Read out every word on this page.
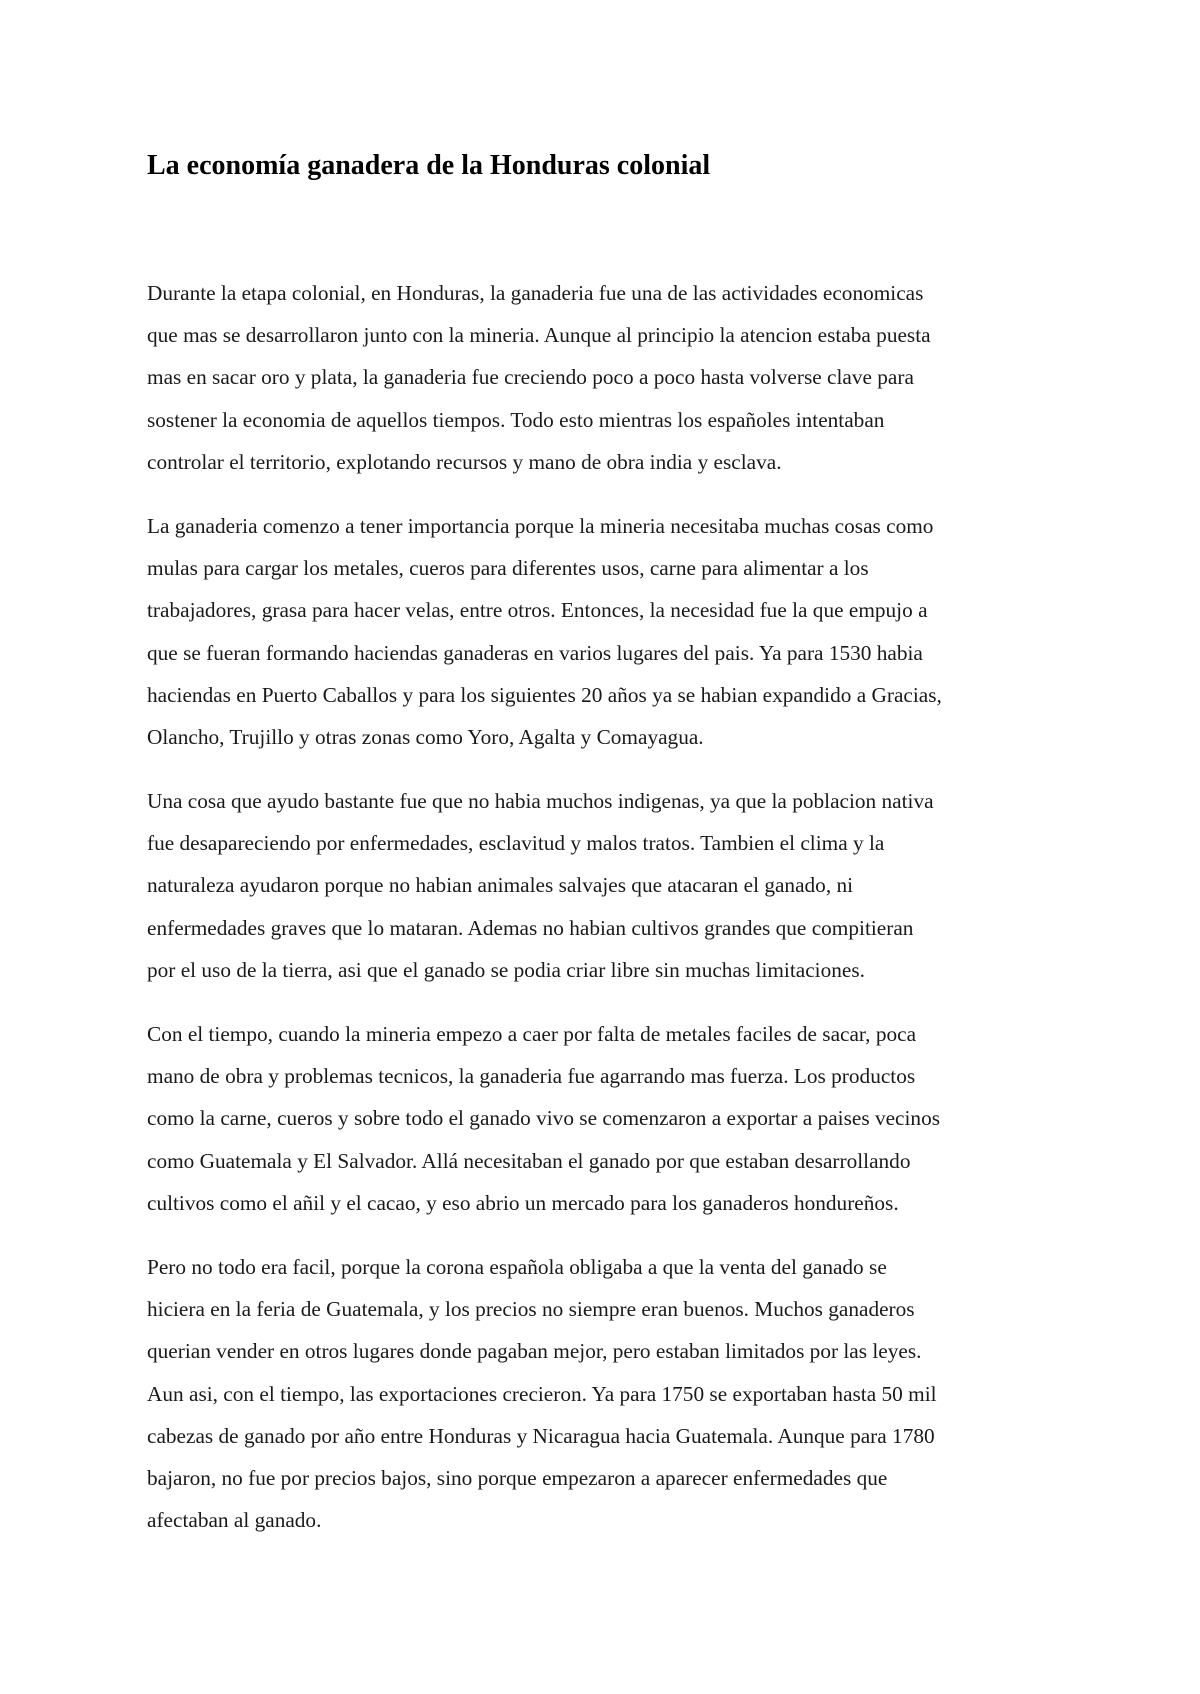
La economía ganadera de la Honduras colonial

Durante la etapa colonial, en Honduras, la ganaderia fue una de las actividades economicas
que mas se desarrollaron junto con la mineria. Aunque al principio la atencion estaba puesta
mas en sacar oro y plata, la ganaderia fue creciendo poco a poco hasta volverse clave para
sostener la economia de aquellos tiempos. Todo esto mientras los españoles intentaban
controlar el territorio, explotando recursos y mano de obra india y esclava.

La ganaderia comenzo a tener importancia porque la mineria necesitaba muchas cosas como
mulas para cargar los metales, cueros para diferentes usos, carne para alimentar a los
trabajadores, grasa para hacer velas, entre otros. Entonces, la necesidad fue la que empujo a
que se fueran formando haciendas ganaderas en varios lugares del pais. Ya para 1530 habia
haciendas en Puerto Caballos y para los siguientes 20 años ya se habian expandido a Gracias,
Olancho, Trujillo y otras zonas como Yoro, Agalta y Comayagua.

Una cosa que ayudo bastante fue que no habia muchos indigenas, ya que la poblacion nativa
fue desapareciendo por enfermedades, esclavitud y malos tratos. Tambien el clima y la
naturaleza ayudaron porque no habian animales salvajes que atacaran el ganado, ni
enfermedades graves que lo mataran. Ademas no habian cultivos grandes que compitieran
por el uso de la tierra, asi que el ganado se podia criar libre sin muchas limitaciones.

Con el tiempo, cuando la mineria empezo a caer por falta de metales faciles de sacar, poca
mano de obra y problemas tecnicos, la ganaderia fue agarrando mas fuerza. Los productos
como la carne, cueros y sobre todo el ganado vivo se comenzaron a exportar a paises vecinos
como Guatemala y El Salvador. Allá necesitaban el ganado por que estaban desarrollando
cultivos como el añil y el cacao, y eso abrio un mercado para los ganaderos hondureños.

Pero no todo era facil, porque la corona española obligaba a que la venta del ganado se
hiciera en la feria de Guatemala, y los precios no siempre eran buenos. Muchos ganaderos
querian vender en otros lugares donde pagaban mejor, pero estaban limitados por las leyes.
Aun asi, con el tiempo, las exportaciones crecieron. Ya para 1750 se exportaban hasta 50 mil
cabezas de ganado por año entre Honduras y Nicaragua hacia Guatemala. Aunque para 1780
bajaron, no fue por precios bajos, sino porque empezaron a aparecer enfermedades que
afectaban al ganado.
